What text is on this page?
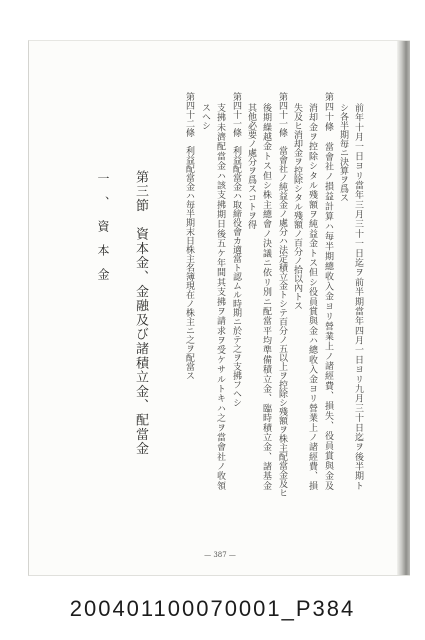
前年十月一日ヨリ當年三月三十一日迄ヲ前半期當年四月一日ヨリ九月三十日迄ヲ後半期ト
シ各半期毎ニ決算ヲ爲ス
第四十條　當會社ノ損益計算ハ毎半期總收入金ヨリ營業上ノ諸經費、損失、役員賞與金及
消却金ヲ控除シタル殘額ヲ純益金トス但シ役員賞與金ハ總收入金ヨリ營業上ノ諸經費、損
失及ヒ消却金ヲ控除シタル殘額ノ百分ノ拾以內トス
第四十一條　當會社ノ純益金ノ處分ハ法定積立金トシテ百分ノ五以上ヲ控除シ殘額ヲ株主配當金及ヒ
後期繰越金トス但シ株主總會ノ決議ニ依リ別ニ配當平均準備積立金、臨時積立金、諸基金
其他必要ノ處分ヲ爲スコトヲ得
第四十一條　利益配當金ハ取締役會カ適當ト認ムル時期ニ於テ之ヲ支拂フヘシ
支拂未濟配當金ハ該支拂期日後五ケ年間其支拂ヲ請求ヲ受ケサルトキハ之ヲ當會社ノ收領
スヘシ
第四十二條　利益配當金ハ毎半期末日株主名簿現在ノ株主ニ之ヲ配當ス
第三節　資本金、金融及び諸積立金、配當金
一、資本金
— 387 —
200401100070001_P384
